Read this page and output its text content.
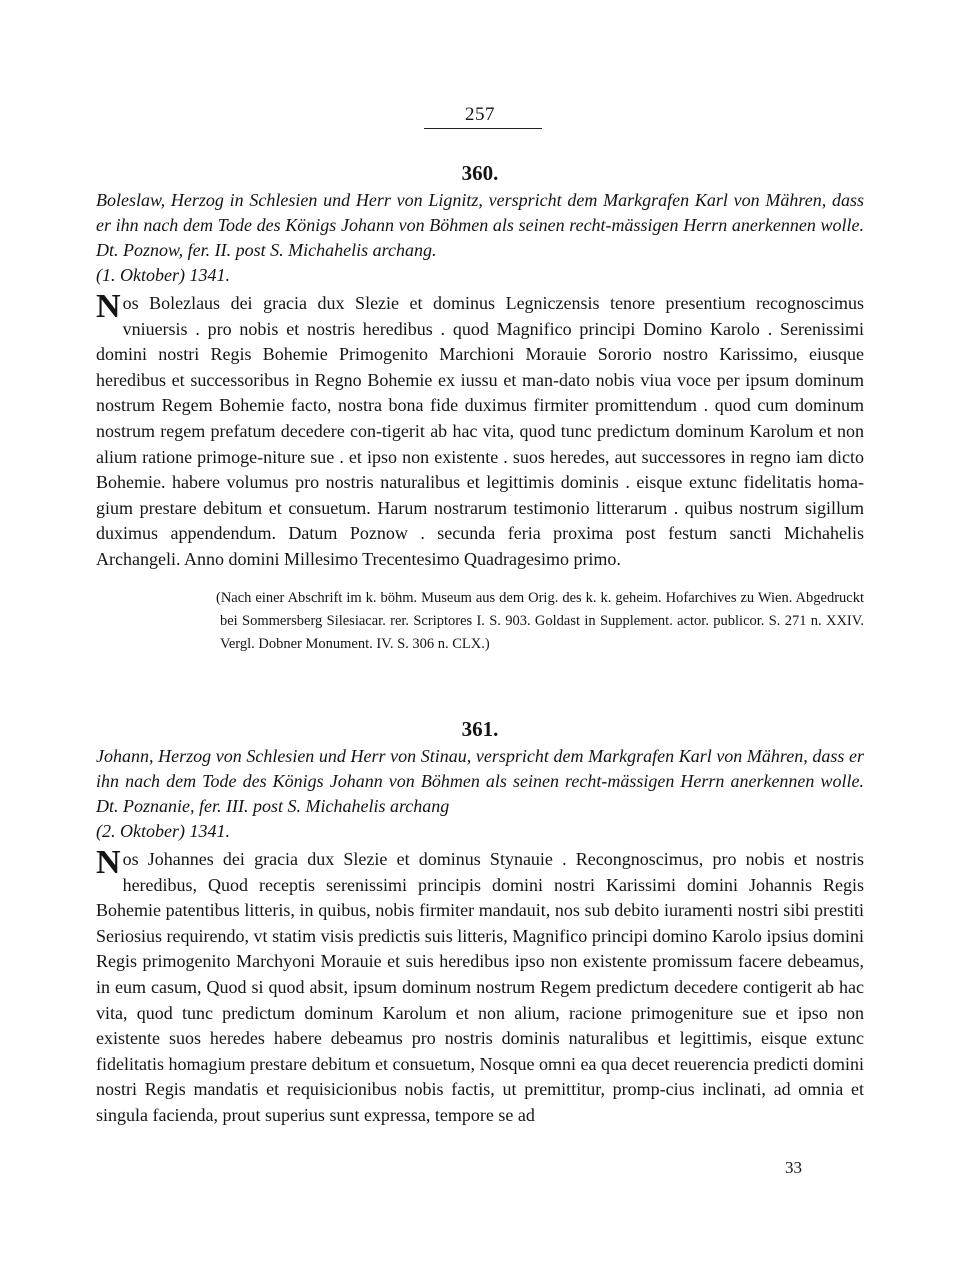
257
360.

Boleslaw, Herzog in Schlesien und Herr von Lignitz, verspricht dem Markgrafen Karl von Mähren, dass er ihn nach dem Tode des Königs Johann von Böhmen als seinen recht-mässigen Herrn anerkennen wolle. Dt. Poznow, fer. II. post S. Michahelis archang.
(1. Oktober) 1341.

Nos Bolezlaus dei gracia dux Slezie et dominus Legniczensis tenore presentium recognoscimus vniuersis . pro nobis et nostris heredibus . quod Magnifico principi Domino Karolo . Serenissimi domini nostri Regis Bohemie Primogenito Marchioni Morauie Sororio nostro Karissimo, eiusque heredibus et successoribus in Regno Bohemie ex iussu et man-dato nobis viua voce per ipsum dominum nostrum Regem Bohemie facto, nostra bona fide duximus firmiter promittendum . quod cum dominum nostrum regem prefatum decedere con-tigerit ab hac vita, quod tunc predictum dominum Karolum et non alium ratione primoge-niture sue . et ipso non existente . suos heredes, aut successores in regno iam dicto Bohemie. habere volumus pro nostris naturalibus et legittimis dominis . eisque extunc fidelitatis homa-gium prestare debitum et consuetum. Harum nostrarum testimonio litterarum . quibus nostrum sigillum duximus appendendum. Datum Poznow . secunda feria proxima post festum sancti Michahelis Archangeli. Anno domini Millesimo Trecentesimo Quadragesimo primo.

(Nach einer Abschrift im k. böhm. Museum aus dem Orig. des k. k. geheim. Hofarchives zu Wien. Abgedruckt bei Sommersberg Silesiacar. rer. Scriptores I. S. 903. Goldast in Supplement. actor. publicor. S. 271 n. XXIV. Vergl. Dobner Monument. IV. S. 306 n. CLX.)

361.

Johann, Herzog von Schlesien und Herr von Stinau, verspricht dem Markgrafen Karl von Mähren, dass er ihn nach dem Tode des Königs Johann von Böhmen als seinen recht-mässigen Herrn anerkennen wolle. Dt. Poznanie, fer. III. post S. Michahelis archang
(2. Oktober) 1341.

Nos Johannes dei gracia dux Slezie et dominus Stynauie . Recongnoscimus, pro nobis et nostris heredibus, Quod receptis serenissimi principis domini nostri Karissimi domini Johannis Regis Bohemie patentibus litteris, in quibus, nobis firmiter mandauit, nos sub debito iuramenti nostri sibi prestiti Seriosius requirendo, vt statim visis predictis suis litteris, Magnifico principi domino Karolo ipsius domini Regis primogenito Marchyoni Morauie et suis heredibus ipso non existente promissum facere debeamus, in eum casum, Quod si quod absit, ipsum dominum nostrum Regem predictum decedere contigerit ab hac vita, quod tunc predictum dominum Karolum et non alium, racione primogeniture sue et ipso non existente suos heredes habere debeamus pro nostris dominis naturalibus et legittimis, eisque extunc fidelitatis homagium prestare debitum et consuetum, Nosque omni ea qua decet reuerencia predicti domini nostri Regis mandatis et requisicionibus nobis factis, ut premittitur, promp-cius inclinati, ad omnia et singula facienda, prout superius sunt expressa, tempore se ad

33
